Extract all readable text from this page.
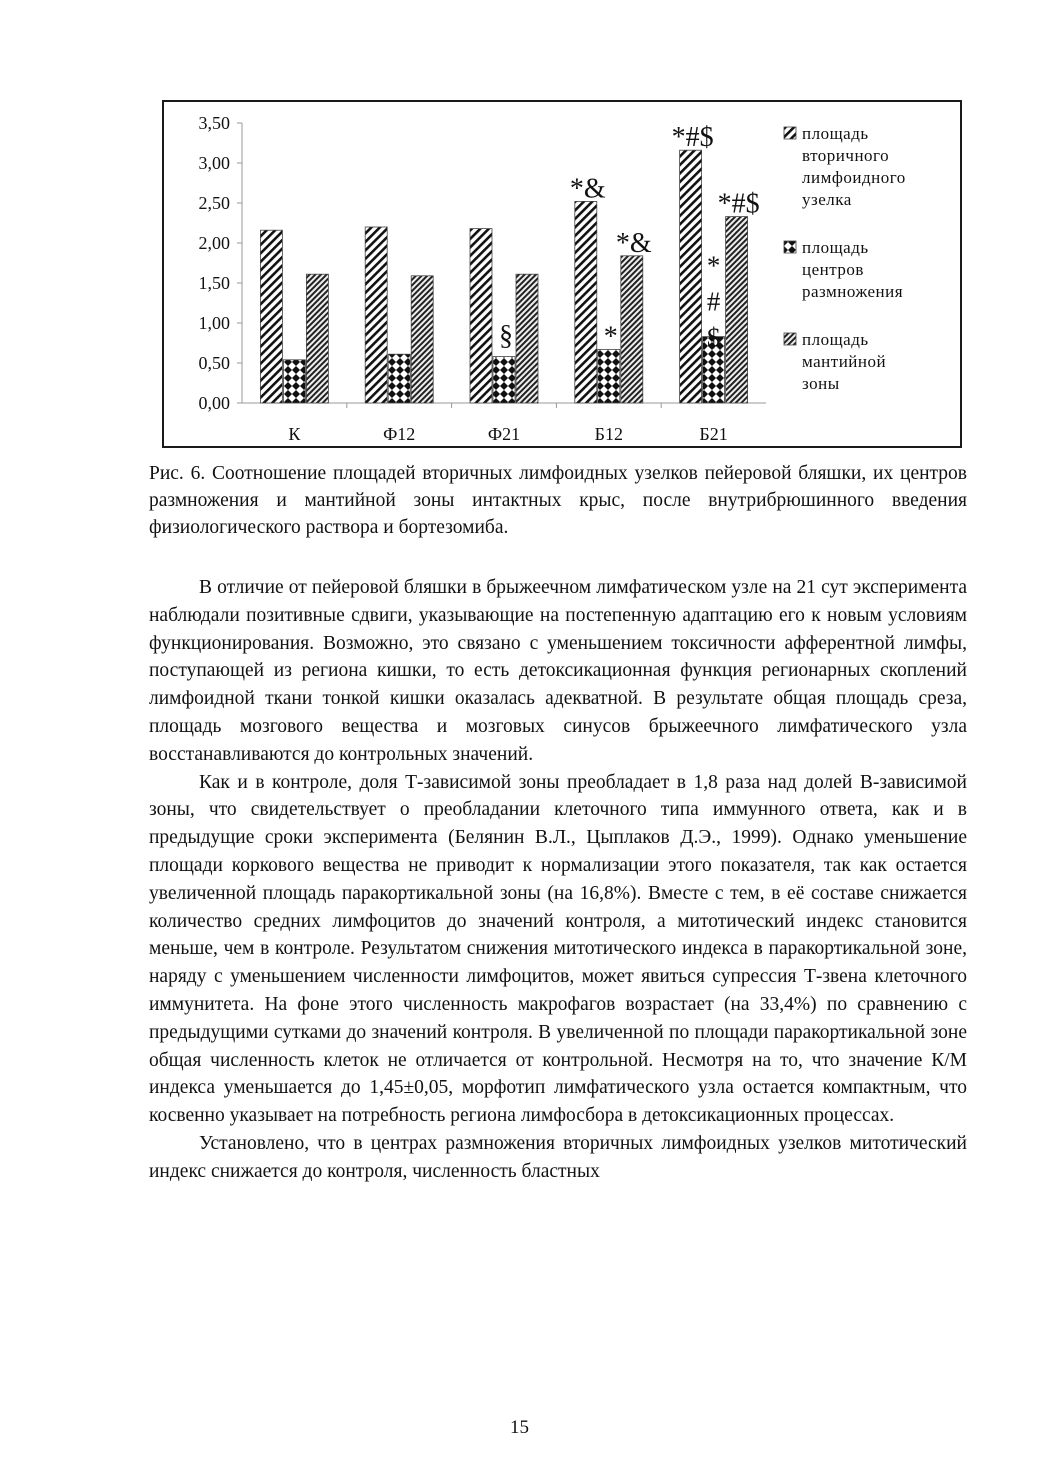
0,00
0,50
1,00
1,50
2,00
2,50
3,00
3,50
К	Ф12	Ф21	Б12	Б21
§
*&
*
*&
*#$
*
#
$
*#$
площадь вторичного лимфоидного узелка
площадь центров размножения
площадь мантийной зоны

Рис. 6. Соотношение площадей вторичных лимфоидных узелков пейеровой бляшки, их центров размножения и мантийной зоны интактных крыс, после внутрибрюшинного введения физиологического раствора и бортезомиба.

В отличие от пейеровой бляшки в брыжеечном лимфатическом узле на 21 сут эксперимента наблюдали позитивные сдвиги, указывающие на постепенную адаптацию его к новым условиям функционирования. Возможно, это связано с уменьшением токсичности афферентной лимфы, поступающей из региона кишки, то есть детоксикационная функция регионарных скоплений лимфоидной ткани тонкой кишки оказалась адекватной. В результате общая площадь среза, площадь мозгового вещества и мозговых синусов брыжеечного лимфатического узла восстанавливаются до контрольных значений.

Как и в контроле, доля Т-зависимой зоны преобладает в 1,8 раза над долей В-зависимой зоны, что свидетельствует о преобладании клеточного типа иммунного ответа, как и в предыдущие сроки эксперимента (Белянин В.Л., Цыплаков Д.Э., 1999). Однако уменьшение площади коркового вещества не приводит к нормализации этого показателя, так как остается увеличенной площадь паракортикальной зоны (на 16,8%). Вместе с тем, в её составе снижается количество средних лимфоцитов до значений контроля, а митотический индекс становится меньше, чем в контроле. Результатом снижения митотического индекса в паракортикальной зоне, наряду с уменьшением численности лимфоцитов, может явиться супрессия Т-звена клеточного иммунитета. На фоне этого численность макрофагов возрастает (на 33,4%) по сравнению с предыдущими сутками до значений контроля. В увеличенной по площади паракортикальной зоне общая численность клеток не отличается от контрольной. Несмотря на то, что значение К/М индекса уменьшается до 1,45±0,05, морфотип лимфатического узла остается компактным, что косвенно указывает на потребность региона лимфосбора в детоксикационных процессах.

Установлено, что в центрах размножения вторичных лимфоидных узелков митотический индекс снижается до контроля, численность бластных

15
